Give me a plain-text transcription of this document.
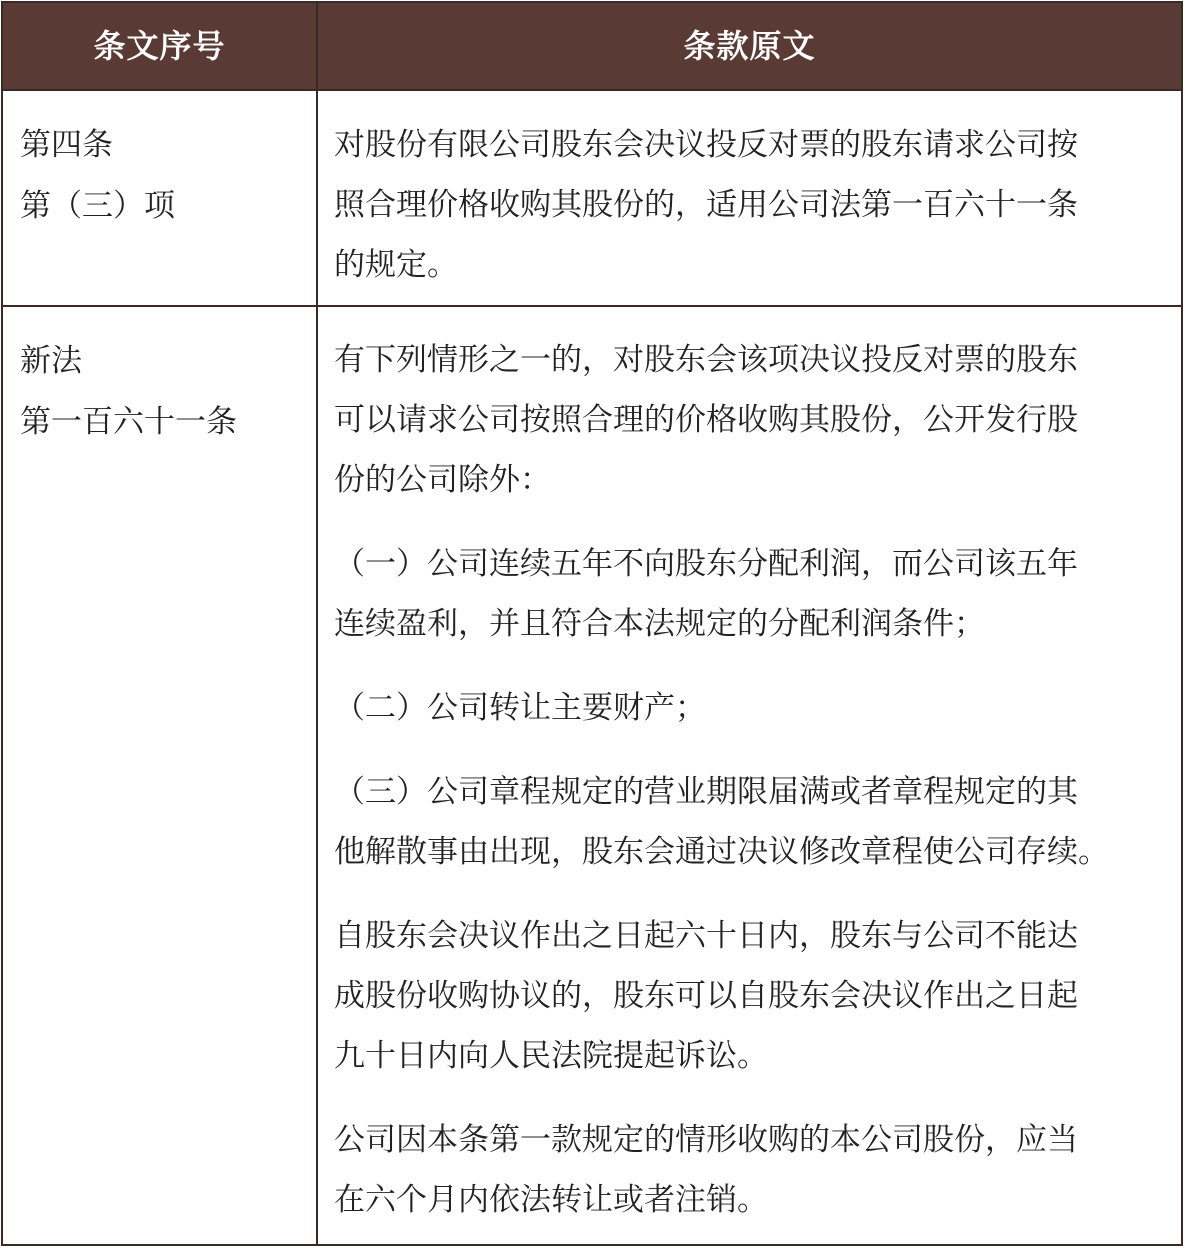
条文序号	条款原文
第四条
第（三）项
对股份有限公司股东会决议投反对票的股东请求公司按
照合理价格收购其股份的，适用公司法第一百六十一条
的规定。
新法
第一百六十一条
有下列情形之一的，对股东会该项决议投反对票的股东
可以请求公司按照合理的价格收购其股份，公开发行股
份的公司除外：
（一）公司连续五年不向股东分配利润，而公司该五年
连续盈利，并且符合本法规定的分配利润条件；
（二）公司转让主要财产；
（三）公司章程规定的营业期限届满或者章程规定的其
他解散事由出现，股东会通过决议修改章程使公司存续。
自股东会决议作出之日起六十日内，股东与公司不能达
成股份收购协议的，股东可以自股东会决议作出之日起
九十日内向人民法院提起诉讼。
公司因本条第一款规定的情形收购的本公司股份，应当
在六个月内依法转让或者注销。
